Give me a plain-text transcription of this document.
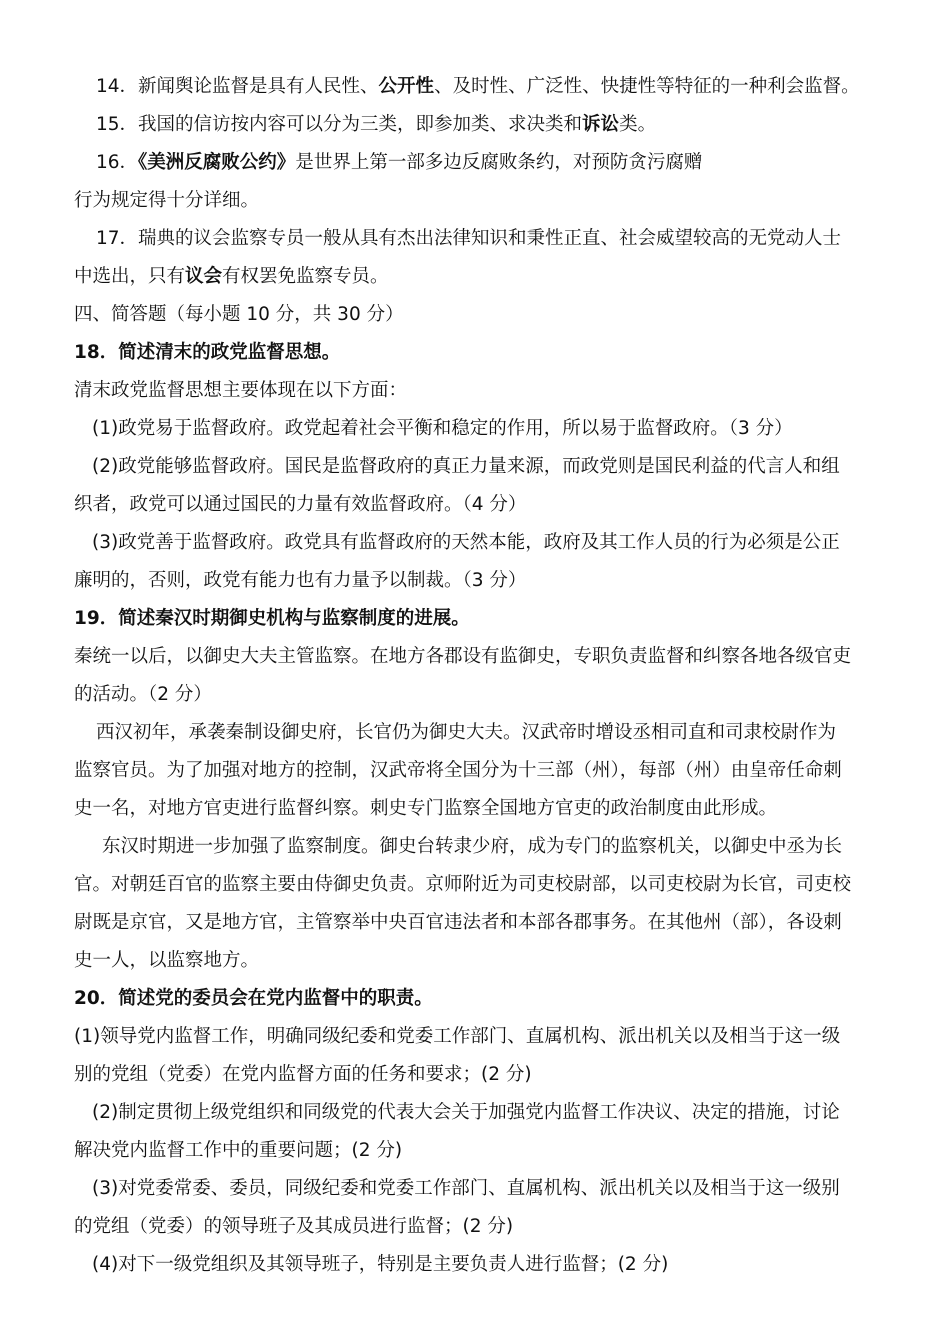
14．新闻舆论监督是具有人民性、公开性、及时性、广泛性、快捷性等特征的一种利会监督。
15．我国的信访按内容可以分为三类，即参加类、求决类和诉讼类。
16．《美洲反腐败公约》是世界上第一部多边反腐败条约，对预防贪污腐赠
行为规定得十分详细。
17．瑞典的议会监察专员一般从具有杰出法律知识和秉性正直、社会威望较高的无党动人士
中选出，只有议会有权罢免监察专员。
四、简答题（每小题 10 分，共 30 分）
18．简述清末的政党监督思想。
清末政党监督思想主要体现在以下方面：
(1)政党易于监督政府。政党起着社会平衡和稳定的作用，所以易于监督政府。（3 分）
(2)政党能够监督政府。国民是监督政府的真正力量来源，而政党则是国民利益的代言人和组
织者，政党可以通过国民的力量有效监督政府。（4 分）
(3)政党善于监督政府。政党具有监督政府的天然本能，政府及其工作人员的行为必须是公正
廉明的，否则，政党有能力也有力量予以制裁。（3 分）
19．简述秦汉时期御史机构与监察制度的进展。
秦统一以后，以御史大夫主管监察。在地方各郡设有监御史，专职负责监督和纠察各地各级官吏
的活动。（2 分）
西汉初年，承袭秦制设御史府，长官仍为御史大夫。汉武帝时增设丞相司直和司隶校尉作为
监察官员。为了加强对地方的控制，汉武帝将全国分为十三部（州），每部（州）由皇帝任命刺
史一名，对地方官吏进行监督纠察。刺史专门监察全国地方官吏的政治制度由此形成。
东汉时期进一步加强了监察制度。御史台转隶少府，成为专门的监察机关，以御史中丞为长
官。对朝廷百官的监察主要由侍御史负责。京师附近为司吏校尉部，以司吏校尉为长官，司吏校
尉既是京官，又是地方官，主管察举中央百官违法者和本部各郡事务。在其他州（部），各设刺
史一人，以监察地方。
20．简述党的委员会在党内监督中的职责。
(1)领导党内监督工作，明确同级纪委和党委工作部门、直属机构、派出机关以及相当于这一级
别的党组（党委）在党内监督方面的任务和要求；(2 分)
(2)制定贯彻上级党组织和同级党的代表大会关于加强党内监督工作决议、决定的措施，讨论
解决党内监督工作中的重要问题；(2 分)
(3)对党委常委、委员，同级纪委和党委工作部门、直属机构、派出机关以及相当于这一级别
的党组（党委）的领导班子及其成员进行监督；(2 分)
(4)对下一级党组织及其领导班子，特别是主要负责人进行监督；(2 分)
